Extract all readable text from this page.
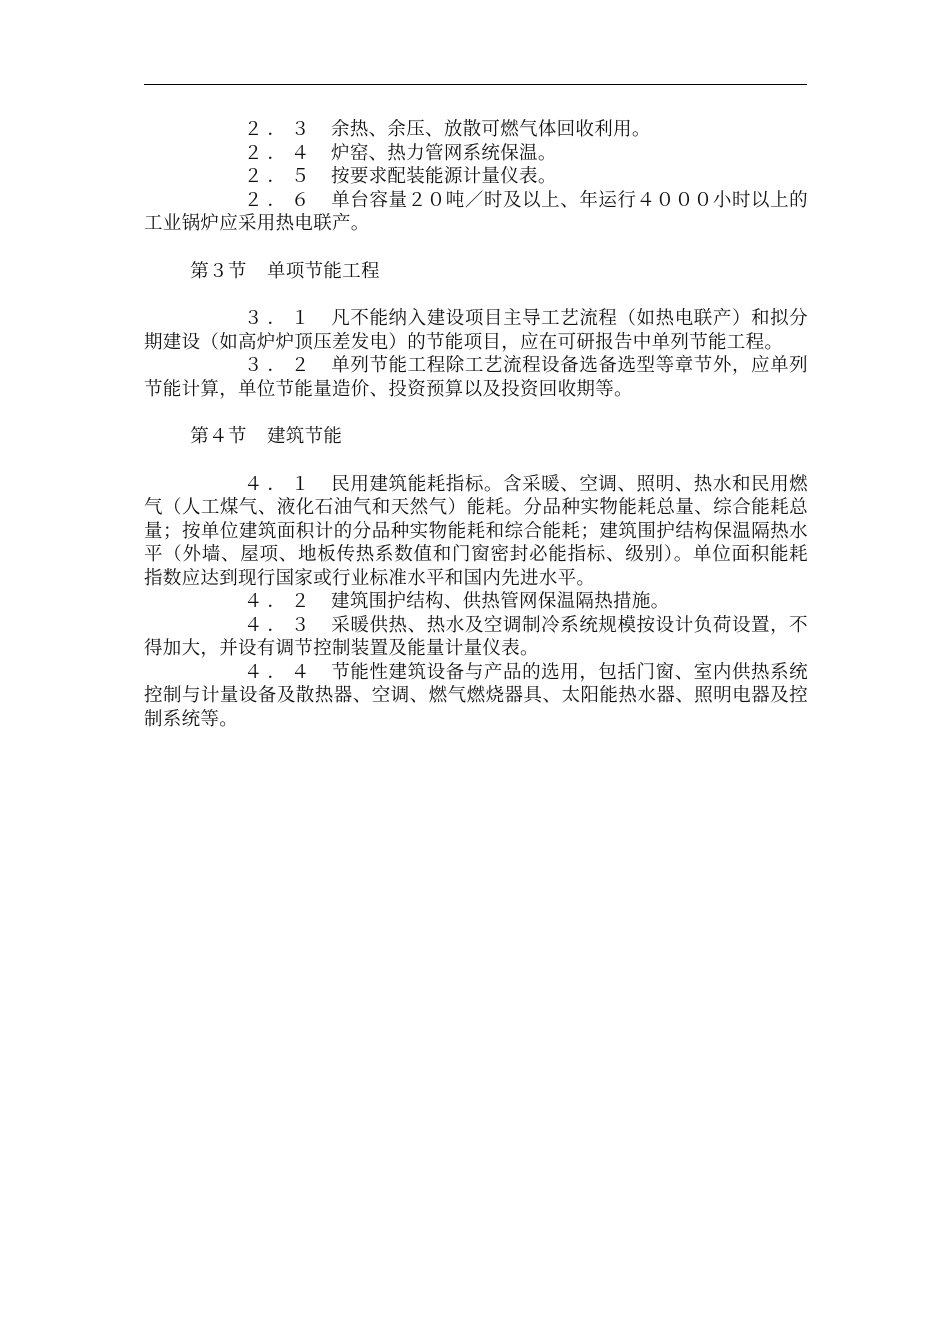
２．３ 余热、余压、放散可燃气体回收利用。

２．４ 炉窑、热力管网系统保温。

２．５ 按要求配装能源计量仪表。

２．６ 单台容量２０吨／时及以上、年运行４０００小时以上的工业锅炉应采用热电联产。

第３节 单项节能工程

３．１ 凡不能纳入建设项目主导工艺流程（如热电联产）和拟分期建设（如高炉炉顶压差发电）的节能项目，应在可研报告中单列节能工程。

３．２ 单列节能工程除工艺流程设备选备选型等章节外，应单列节能计算，单位节能量造价、投资预算以及投资回收期等。

第４节 建筑节能

４．１ 民用建筑能耗指标。含采暖、空调、照明、热水和民用燃气（人工煤气、液化石油气和天然气）能耗。分品种实物能耗总量、综合能耗总量；按单位建筑面积计的分品种实物能耗和综合能耗；建筑围护结构保温隔热水平（外墙、屋项、地板传热系数值和门窗密封必能指标、级别）。单位面积能耗指数应达到现行国家或行业标准水平和国内先进水平。

４．２ 建筑围护结构、供热管网保温隔热措施。

４．３ 采暖供热、热水及空调制冷系统规模按设计负荷设置，不得加大，并设有调节控制装置及能量计量仪表。

４．４ 节能性建筑设备与产品的选用，包括门窗、室内供热系统控制与计量设备及散热器、空调、燃气燃烧器具、太阳能热水器、照明电器及控制系统等。
